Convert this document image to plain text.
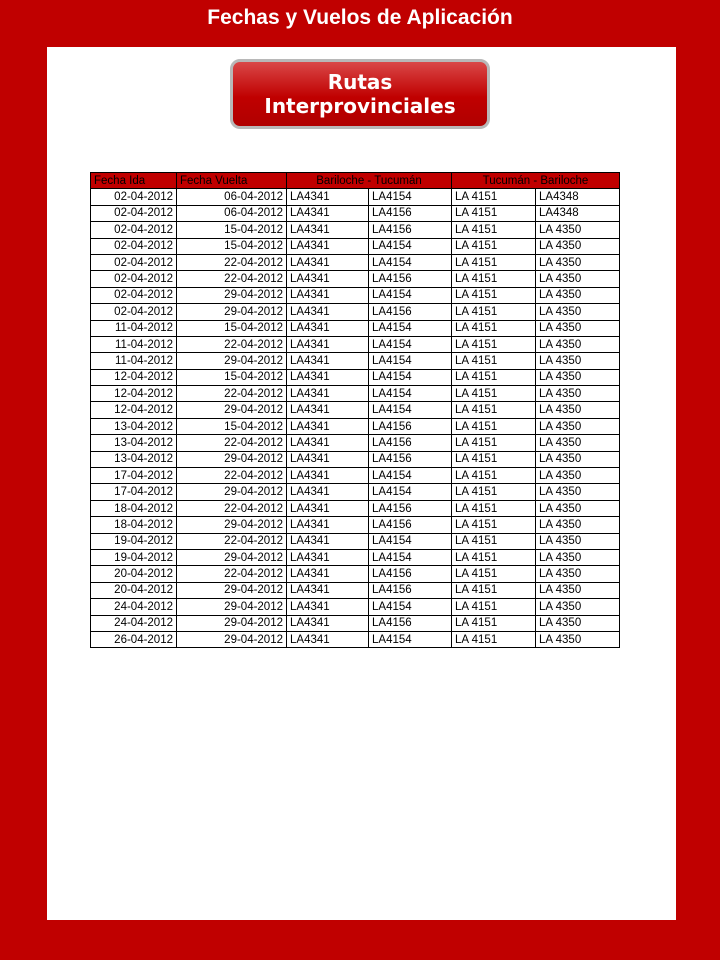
Fechas y Vuelos de Aplicación
Rutas
Interprovinciales
Fecha Ida	Fecha Vuelta	Bariloche - Tucumán		Tucumán - Bariloche	
02-04-2012	06-04-2012	LA4341	LA4154	LA 4151	LA4348
02-04-2012	06-04-2012	LA4341	LA4156	LA 4151	LA4348
02-04-2012	15-04-2012	LA4341	LA4156	LA 4151	LA 4350
02-04-2012	15-04-2012	LA4341	LA4154	LA 4151	LA 4350
02-04-2012	22-04-2012	LA4341	LA4154	LA 4151	LA 4350
02-04-2012	22-04-2012	LA4341	LA4156	LA 4151	LA 4350
02-04-2012	29-04-2012	LA4341	LA4154	LA 4151	LA 4350
02-04-2012	29-04-2012	LA4341	LA4156	LA 4151	LA 4350
11-04-2012	15-04-2012	LA4341	LA4154	LA 4151	LA 4350
11-04-2012	22-04-2012	LA4341	LA4154	LA 4151	LA 4350
11-04-2012	29-04-2012	LA4341	LA4154	LA 4151	LA 4350
12-04-2012	15-04-2012	LA4341	LA4154	LA 4151	LA 4350
12-04-2012	22-04-2012	LA4341	LA4154	LA 4151	LA 4350
12-04-2012	29-04-2012	LA4341	LA4154	LA 4151	LA 4350
13-04-2012	15-04-2012	LA4341	LA4156	LA 4151	LA 4350
13-04-2012	22-04-2012	LA4341	LA4156	LA 4151	LA 4350
13-04-2012	29-04-2012	LA4341	LA4156	LA 4151	LA 4350
17-04-2012	22-04-2012	LA4341	LA4154	LA 4151	LA 4350
17-04-2012	29-04-2012	LA4341	LA4154	LA 4151	LA 4350
18-04-2012	22-04-2012	LA4341	LA4156	LA 4151	LA 4350
18-04-2012	29-04-2012	LA4341	LA4156	LA 4151	LA 4350
19-04-2012	22-04-2012	LA4341	LA4154	LA 4151	LA 4350
19-04-2012	29-04-2012	LA4341	LA4154	LA 4151	LA 4350
20-04-2012	22-04-2012	LA4341	LA4156	LA 4151	LA 4350
20-04-2012	29-04-2012	LA4341	LA4156	LA 4151	LA 4350
24-04-2012	29-04-2012	LA4341	LA4154	LA 4151	LA 4350
24-04-2012	29-04-2012	LA4341	LA4156	LA 4151	LA 4350
26-04-2012	29-04-2012	LA4341	LA4154	LA 4151	LA 4350
